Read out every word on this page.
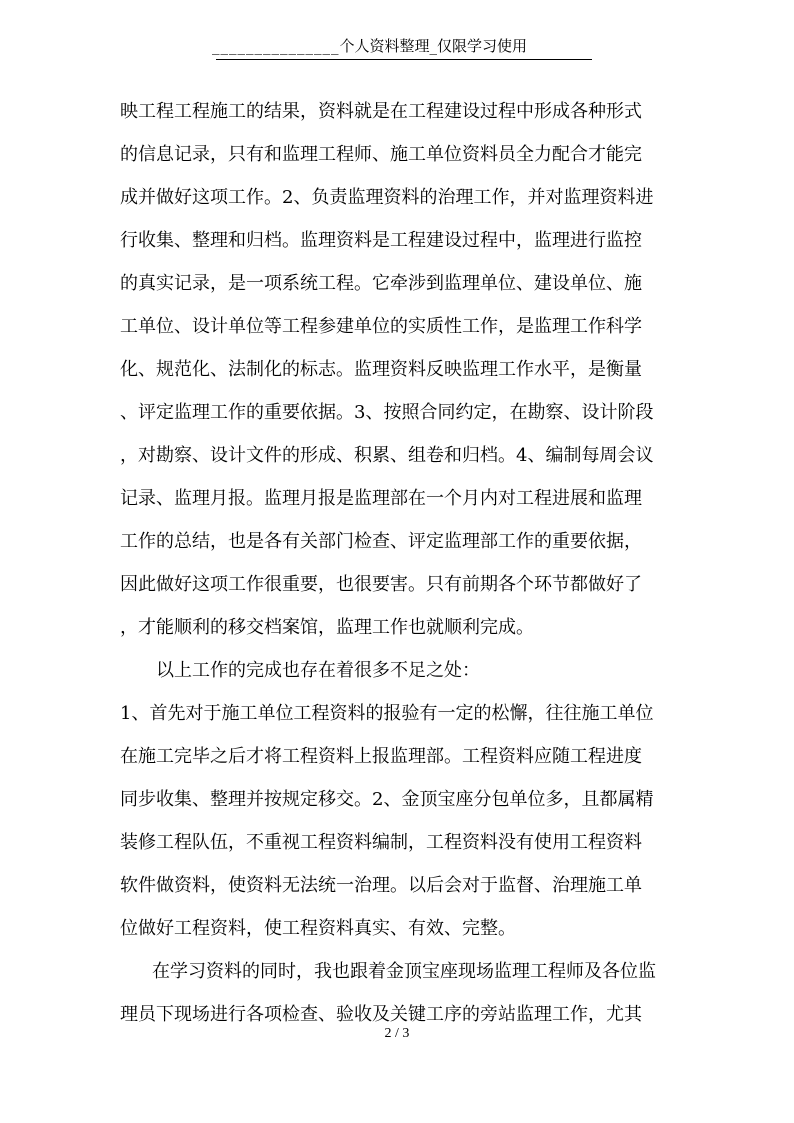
_______________个人资料整理_仅限学习使用
映工程工程施工的结果，资料就是在工程建设过程中形成各种形式
的信息记录，只有和监理工程师、施工单位资料员全力配合才能完
成并做好这项工作。2、负责监理资料的治理工作，并对监理资料进
行收集、整理和归档。监理资料是工程建设过程中，监理进行监控
的真实记录，是一项系统工程。它牵涉到监理单位、建设单位、施
工单位、设计单位等工程参建单位的实质性工作，是监理工作科学
化、规范化、法制化的标志。监理资料反映监理工作水平，是衡量
、评定监理工作的重要依据。3、按照合同约定，在勘察、设计阶段
，对勘察、设计文件的形成、积累、组卷和归档。4、编制每周会议
记录、监理月报。监理月报是监理部在一个月内对工程进展和监理
工作的总结，也是各有关部门检查、评定监理部工作的重要依据，
因此做好这项工作很重要，也很要害。只有前期各个环节都做好了
，才能顺利的移交档案馆，监理工作也就顺利完成。
以上工作的完成也存在着很多不足之处：
1、首先对于施工单位工程资料的报验有一定的松懈，往往施工单位
在施工完毕之后才将工程资料上报监理部。工程资料应随工程进度
同步收集、整理并按规定移交。2、金顶宝座分包单位多，且都属精
装修工程队伍，不重视工程资料编制，工程资料没有使用工程资料
软件做资料，使资料无法统一治理。以后会对于监督、治理施工单
位做好工程资料，使工程资料真实、有效、完整。
在学习资料的同时，我也跟着金顶宝座现场监理工程师及各位监
理员下现场进行各项检查、验收及关键工序的旁站监理工作，尤其
2 / 3
